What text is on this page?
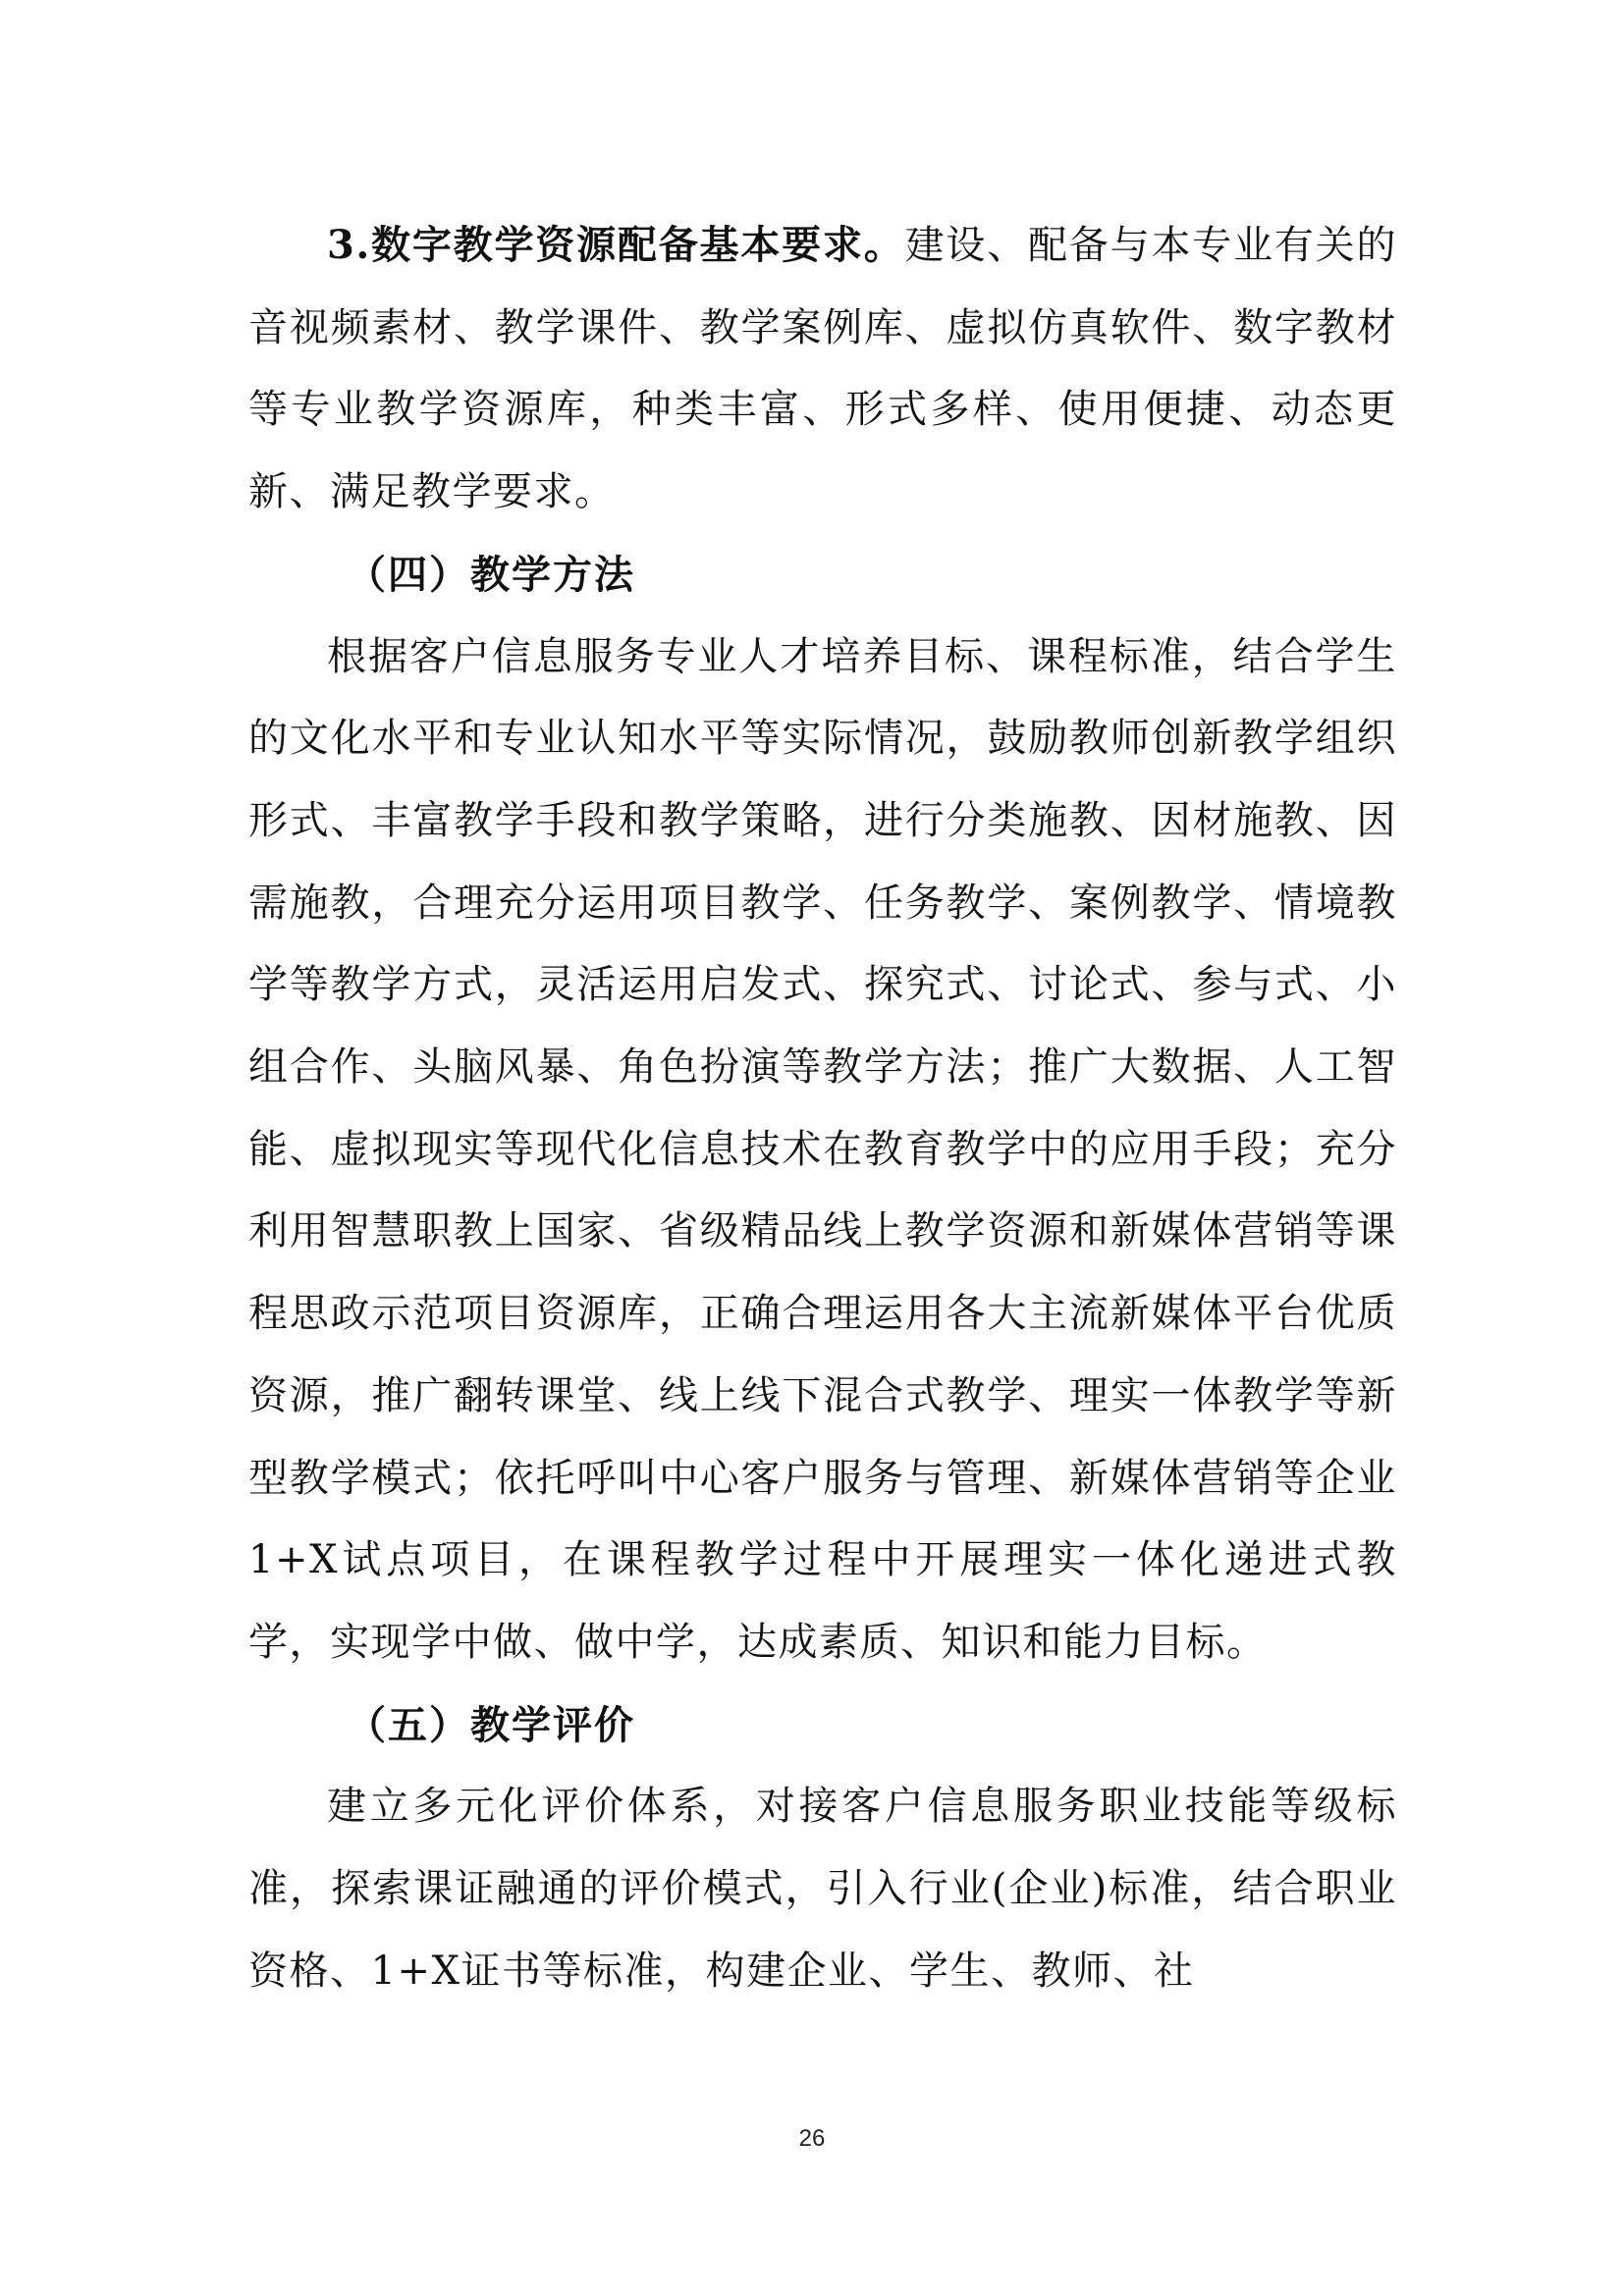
3.数字教学资源配备基本要求。建设、配备与本专业有关的音视频素材、教学课件、教学案例库、虚拟仿真软件、数字教材等专业教学资源库，种类丰富、形式多样、使用便捷、动态更新、满足教学要求。

（四）教学方法

根据客户信息服务专业人才培养目标、课程标准，结合学生的文化水平和专业认知水平等实际情况，鼓励教师创新教学组织形式、丰富教学手段和教学策略，进行分类施教、因材施教、因需施教，合理充分运用项目教学、任务教学、案例教学、情境教学等教学方式，灵活运用启发式、探究式、讨论式、参与式、小组合作、头脑风暴、角色扮演等教学方法；推广大数据、人工智能、虚拟现实等现代化信息技术在教育教学中的应用手段；充分利用智慧职教上国家、省级精品线上教学资源和新媒体营销等课程思政示范项目资源库，正确合理运用各大主流新媒体平台优质资源，推广翻转课堂、线上线下混合式教学、理实一体教学等新型教学模式；依托呼叫中心客户服务与管理、新媒体营销等企业1+X试点项目，在课程教学过程中开展理实一体化递进式教学，实现学中做、做中学，达成素质、知识和能力目标。

（五）教学评价

建立多元化评价体系，对接客户信息服务职业技能等级标准，探索课证融通的评价模式，引入行业(企业)标准，结合职业资格、1+X证书等标准，构建企业、学生、教师、社

26
